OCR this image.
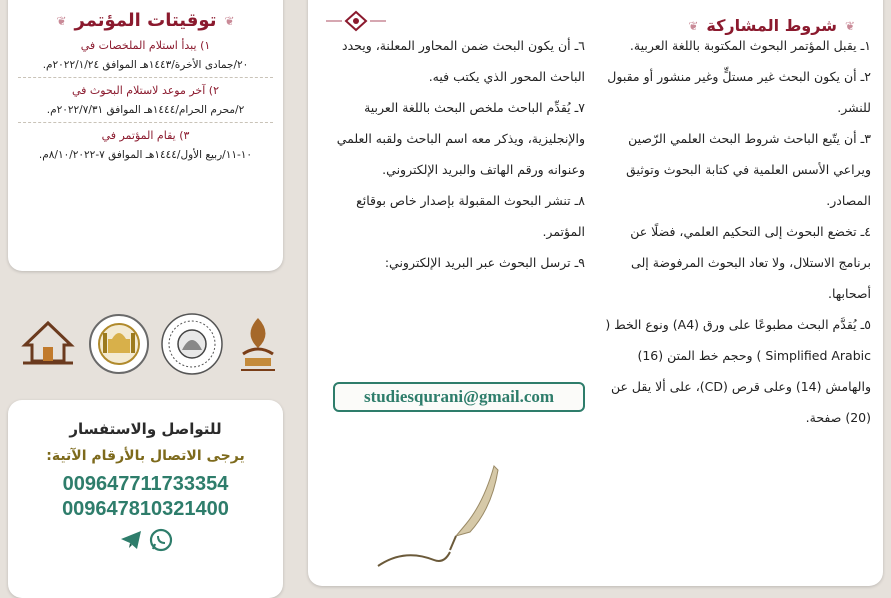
❦
توقيتات المؤتمر
❦
١) يبدأ استلام الملخصات في
٢٠/جمادى الأخرة/١٤٤٣هـ الموافق ٢٠٢٢/١/٢٤م.
٢) آخر موعد لاستلام البحوث في
٢/محرم الحرام/١٤٤٤هـ الموافق ٢٠٢٢/٧/٣١م.
٣) يقام المؤتمر في
١٠-١١/ربيع الأول/١٤٤٤هـ الموافق ٧-٨/١٠/٢٠٢٢م.
للتواصل والاستفسار
يرجى الاتصال بالأرقام الآتية:
009647711733354
009647810321400
❦
شروط المشاركة
❦

١ـ يقبل المؤتمر البحوث المكتوبة باللغة العربية.

٢ـ أن يكون البحث غير مستلٍّ وغير منشور أو مقبول للنشر.

٣ـ أن يتّبع الباحث شروط البحث العلمي الرّصين ويراعي الأسس العلمية في كتابة البحوث وتوثيق المصادر.

٤ـ تخضع البحوث إلى التحكيم العلمي، فضلًا عن برنامج الاستلال، ولا تعاد البحوث المرفوضة إلى أصحابها.

٥ـ يُقدَّم البحث مطبوعًا على ورق (A4) ونوع الخط ( Simplified Arabic ) وحجم خط المتن (16) والهامش (14) وعلى قرص (CD)، على ألا يقل عن (20) صفحة.

٦ـ أن يكون البحث ضمن المحاور المعلنة، ويحدد الباحث المحور الذي يكتب فيه.

٧ـ يُقدِّم الباحث ملخص البحث باللغة العربية والإنجليزية، ويذكر معه اسم الباحث ولقبه العلمي وعنوانه ورقم الهاتف والبريد الإلكتروني.

٨ـ تنشر البحوث المقبولة بإصدار خاص بوقائع المؤتمر.

٩ـ ترسل البحوث عبر البريد الإلكتروني:

studiesqurani@gmail.com
